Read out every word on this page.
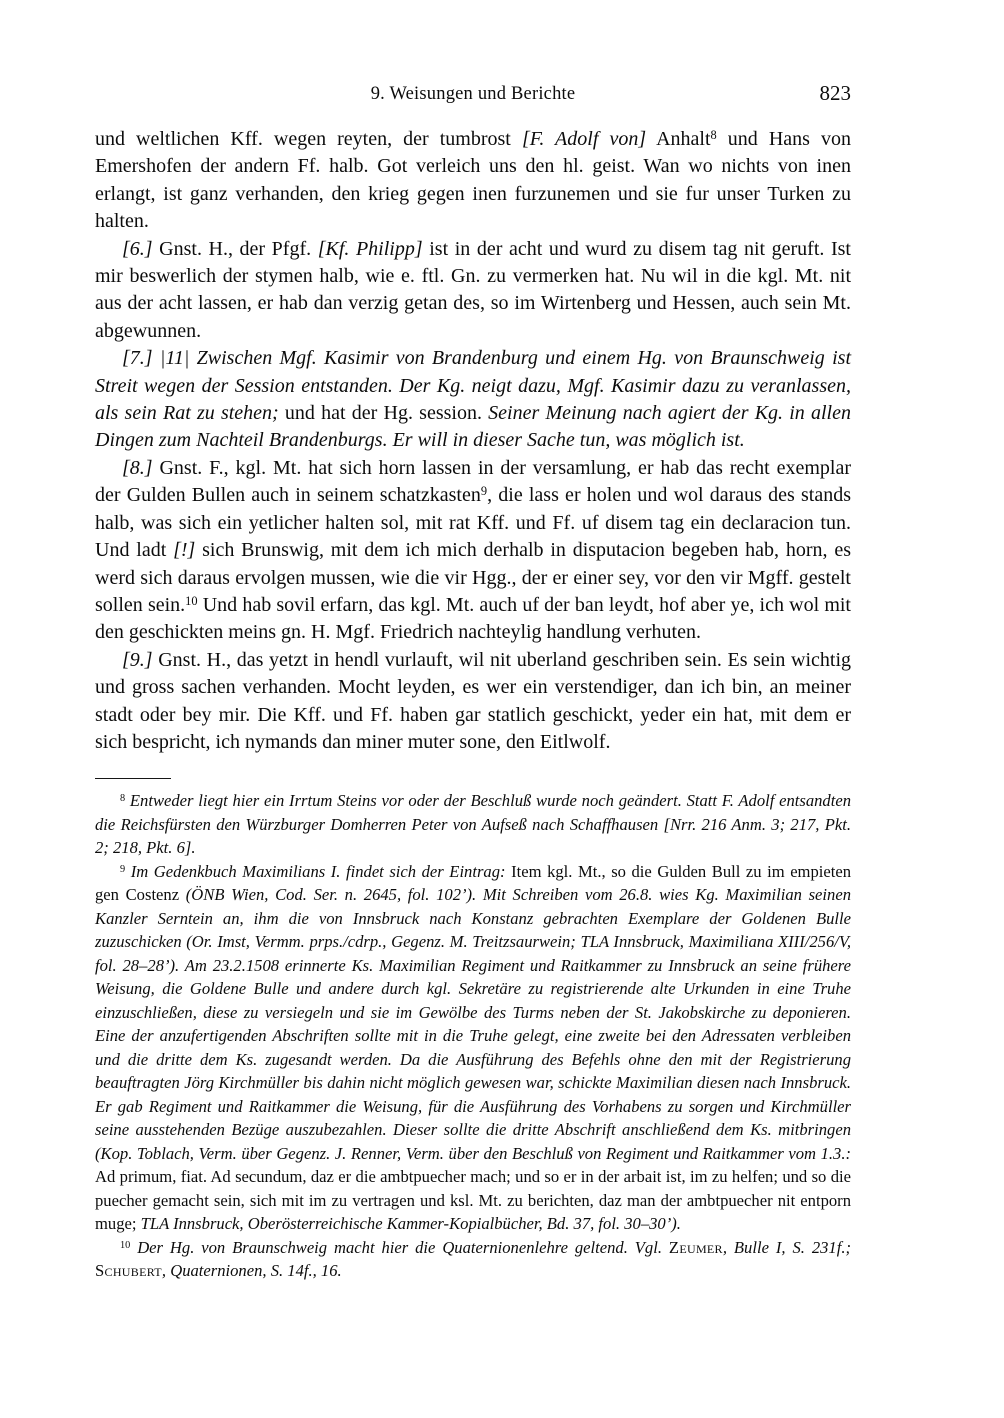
9. Weisungen und Berichte	823

und weltlichen Kff. wegen reyten, der tumbrost [F. Adolf von] Anhalt$^8$ und Hans von Emershofen der andern Ff. halb. Got verleich uns den hl. geist. Wan wo nichts von inen erlangt, ist ganz verhanden, den krieg gegen inen furzunemen und sie fur unser Turken zu halten.

[6.] Gnst. H., der Pfgf. [Kf. Philipp] ist in der acht und wurd zu disem tag nit geruft. Ist mir beswerlich der stymen halb, wie e. ftl. Gn. zu vermerken hat. Nu wil in die kgl. Mt. nit aus der acht lassen, er hab dan verzig getan des, so im Wirtenberg und Hessen, auch sein Mt. abgewunnen.

[7.] |11| Zwischen Mgf. Kasimir von Brandenburg und einem Hg. von Braunschweig ist Streit wegen der Session entstanden. Der Kg. neigt dazu, Mgf. Kasimir dazu zu veranlassen, als sein Rat zu stehen; und hat der Hg. session. Seiner Meinung nach agiert der Kg. in allen Dingen zum Nachteil Brandenburgs. Er will in dieser Sache tun, was möglich ist.

[8.] Gnst. F., kgl. Mt. hat sich horn lassen in der versamlung, er hab das recht exemplar der Gulden Bullen auch in seinem schatzkasten$^9$, die lass er holen und wol daraus des stands halb, was sich ein yetlicher halten sol, mit rat Kff. und Ff. uf disem tag ein declaracion tun. Und ladt [!] sich Brunswig, mit dem ich mich derhalb in disputacion begeben hab, horn, es werd sich daraus ervolgen mussen, wie die vir Hgg., der er einer sey, vor den vir Mgff. gestelt sollen sein.$^{10}$ Und hab sovil erfarn, das kgl. Mt. auch uf der ban leydt, hof aber ye, ich wol mit den geschickten meins gn. H. Mgf. Friedrich nachteylig handlung verhuten.

[9.] Gnst. H., das yetzt in hendl vurlauft, wil nit uberland geschriben sein. Es sein wichtig und gross sachen verhanden. Mocht leyden, es wer ein verstendiger, dan ich bin, an meiner stadt oder bey mir. Die Kff. und Ff. haben gar statlich geschickt, yeder ein hat, mit dem er sich bespricht, ich nymands dan miner muter sone, den Eitlwolf.

$^8$ Entweder liegt hier ein Irrtum Steins vor oder der Beschluß wurde noch geändert. Statt F. Adolf entsandten die Reichsfürsten den Würzburger Domherren Peter von Aufseß nach Schaffhausen [Nrr. 216 Anm. 3; 217, Pkt. 2; 218, Pkt. 6].

$^9$ Im Gedenkbuch Maximilians I. findet sich der Eintrag: Item kgl. Mt., so die Gulden Bull zu im empieten gen Costenz (ÖNB Wien, Cod. Ser. n. 2645, fol. 102’). Mit Schreiben vom 26.8. wies Kg. Maximilian seinen Kanzler Serntein an, ihm die von Innsbruck nach Konstanz gebrachten Exemplare der Goldenen Bulle zuzuschicken (Or. Imst, Vermm. prps./cdrp., Gegenz. M. Treitzsaurwein; TLA Innsbruck, Maximiliana XIII/256/V, fol. 28–28’). Am 23.2.1508 erinnerte Ks. Maximilian Regiment und Raitkammer zu Innsbruck an seine frühere Weisung, die Goldene Bulle und andere durch kgl. Sekretäre zu registrierende alte Urkunden in eine Truhe einzuschließen, diese zu versiegeln und sie im Gewölbe des Turms neben der St. Jakobskirche zu deponieren. Eine der anzufertigenden Abschriften sollte mit in die Truhe gelegt, eine zweite bei den Adressaten verbleiben und die dritte dem Ks. zugesandt werden. Da die Ausführung des Befehls ohne den mit der Registrierung beauftragten Jörg Kirchmüller bis dahin nicht möglich gewesen war, schickte Maximilian diesen nach Innsbruck. Er gab Regiment und Raitkammer die Weisung, für die Ausführung des Vorhabens zu sorgen und Kirchmüller seine ausstehenden Bezüge auszubezahlen. Dieser sollte die dritte Abschrift anschließend dem Ks. mitbringen (Kop. Toblach, Verm. über Gegenz. J. Renner, Verm. über den Beschluß von Regiment und Raitkammer vom 1.3.: Ad primum, fiat. Ad secundum, daz er die ambtpuecher mach; und so er in der arbait ist, im zu helfen; und so die puecher gemacht sein, sich mit im zu vertragen und ksl. Mt. zu berichten, daz man der ambtpuecher nit entporn muge; TLA Innsbruck, Oberösterreichische Kammer-Kopialbücher, Bd. 37, fol. 30–30’).

$^{10}$ Der Hg. von Braunschweig macht hier die Quaternionenlehre geltend. Vgl. Zeumer, Bulle I, S. 231f.; Schubert, Quaternionen, S. 14f., 16.
